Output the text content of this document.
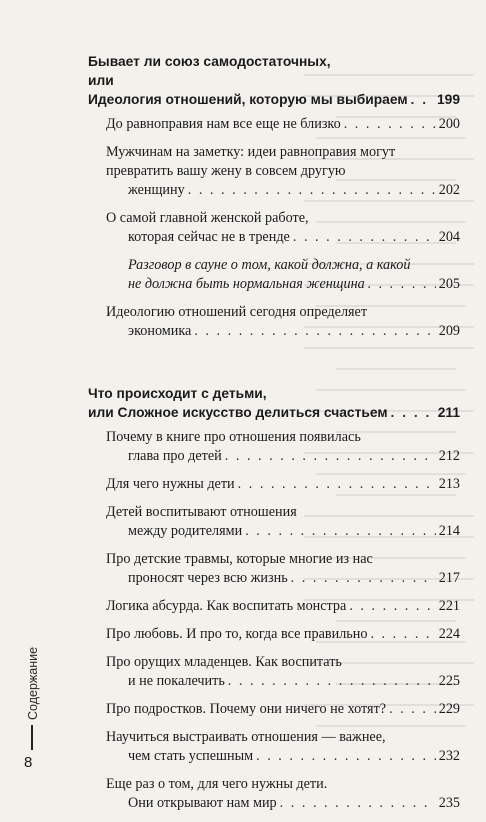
Бывает ли союз самодостаточных,
или
Идеология отношений, которую мы выбираем . . . 199
До равноправия нам все еще не близко . . .	200
Мужчинам на заметку: идеи равноправия могут
превратить вашу жену в совсем другую
женщину . . .	202
О самой главной женской работе,
которая сейчас не в тренде . . .	204
Разговор в сауне о том, какой должна, а какой
не должна быть нормальная женщина . . .	205
Идеологию отношений сегодня определяет
экономика . . .	209
Что происходит с детьми,
или Сложное искусство делиться счастьем . . .	211
Почему в книге про отношения появилась
глава про детей . . .	212
Для чего нужны дети . . .	213
Детей воспитывают отношения
между родителями . . .	214
Про детские травмы, которые многие из нас
проносят через всю жизнь . . .	217
Логика абсурда. Как воспитать монстра . . .	221
Про любовь. И про то, когда все правильно . . .	224
Про орущих младенцев. Как воспитать
и не покалечить . . .	225
Про подростков. Почему они ничего не хотят? . . .	229
Научиться выстраивать отношения — важнее,
чем стать успешным . . .	232
Еще раз о том, для чего нужны дети.
Они открывают нам мир . . .	235
Содержание
8
